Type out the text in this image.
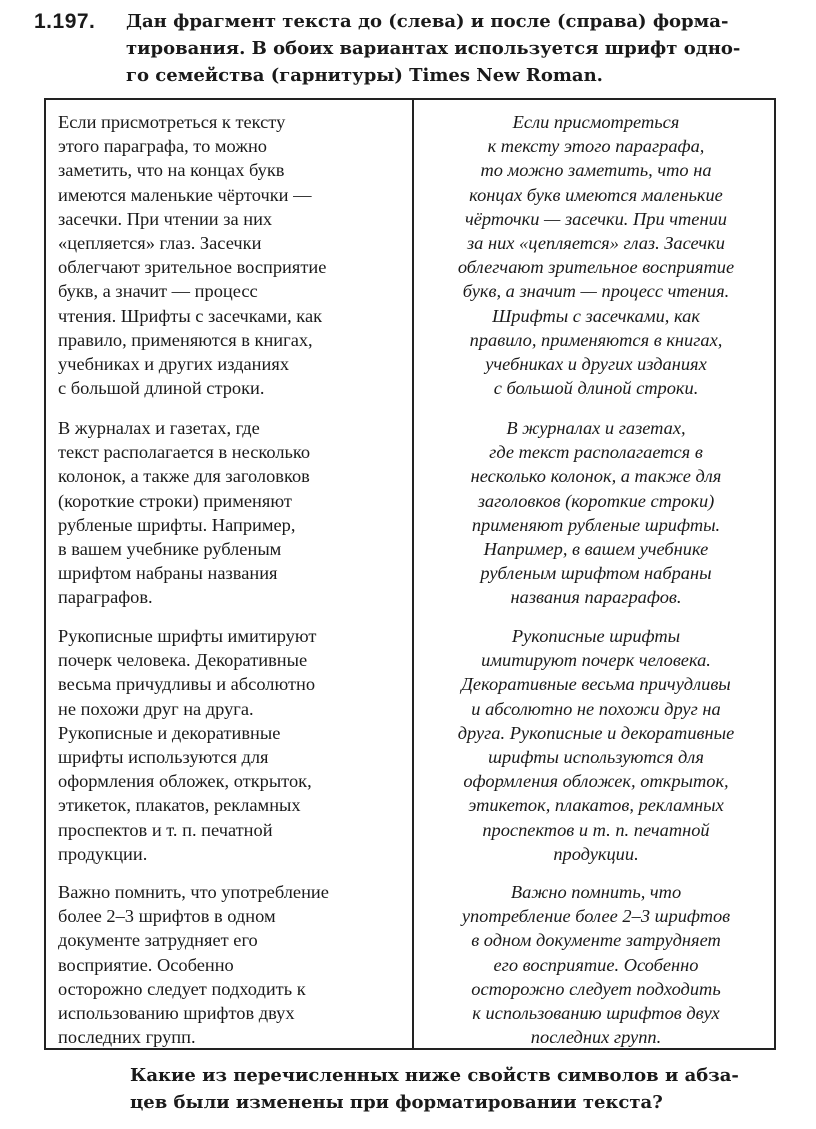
1.197. Дан фрагмент текста до (слева) и после (справа) форма-
тирования. В обоих вариантах используется шрифт одно-
го семейства (гарнитуры) Times New Roman.
Если присмотреться к тексту
этого параграфа, то можно
заметить, что на концах букв
имеются маленькие чёрточки —
засечки. При чтении за них
«цепляется» глаз. Засечки
облегчают зрительное восприятие
букв, а значит — процесс
чтения. Шрифты с засечками, как
правило, применяются в книгах,
учебниках и других изданиях
с большой длиной строки.
В журналах и газетах, где
текст располагается в несколько
колонок, а также для заголовков
(короткие строки) применяют
рубленые шрифты. Например,
в вашем учебнике рубленым
шрифтом набраны названия
параграфов.
Рукописные шрифты имитируют
почерк человека. Декоративные
весьма причудливы и абсолютно
не похожи друг на друга.
Рукописные и декоративные
шрифты используются для
оформления обложек, открыток,
этикеток, плакатов, рекламных
проспектов и т. п. печатной
продукции.
Важно помнить, что употребление
более 2–3 шрифтов в одном
документе затрудняет его
восприятие. Особенно
осторожно следует подходить к
использованию шрифтов двух
последних групп.
Если присмотреться
к тексту этого параграфа,
то можно заметить, что на
концах букв имеются маленькие
чёрточки — засечки. При чтении
за них «цепляется» глаз. Засечки
облегчают зрительное восприятие
букв, а значит — процесс чтения.
Шрифты с засечками, как
правило, применяются в книгах,
учебниках и других изданиях
с большой длиной строки.
В журналах и газетах,
где текст располагается в
несколько колонок, а также для
заголовков (короткие строки)
применяют рубленые шрифты.
Например, в вашем учебнике
рубленым шрифтом набраны
названия параграфов.
Рукописные шрифты
имитируют почерк человека.
Декоративные весьма причудливы
и абсолютно не похожи друг на
друга. Рукописные и декоративные
шрифты используются для
оформления обложек, открыток,
этикеток, плакатов, рекламных
проспектов и т. п. печатной
продукции.
Важно помнить, что
употребление более 2–3 шрифтов
в одном документе затрудняет
его восприятие. Особенно
осторожно следует подходить
к использованию шрифтов двух
последних групп.
Какие из перечисленных ниже свойств символов и абза-
цев были изменены при форматировании текста?
